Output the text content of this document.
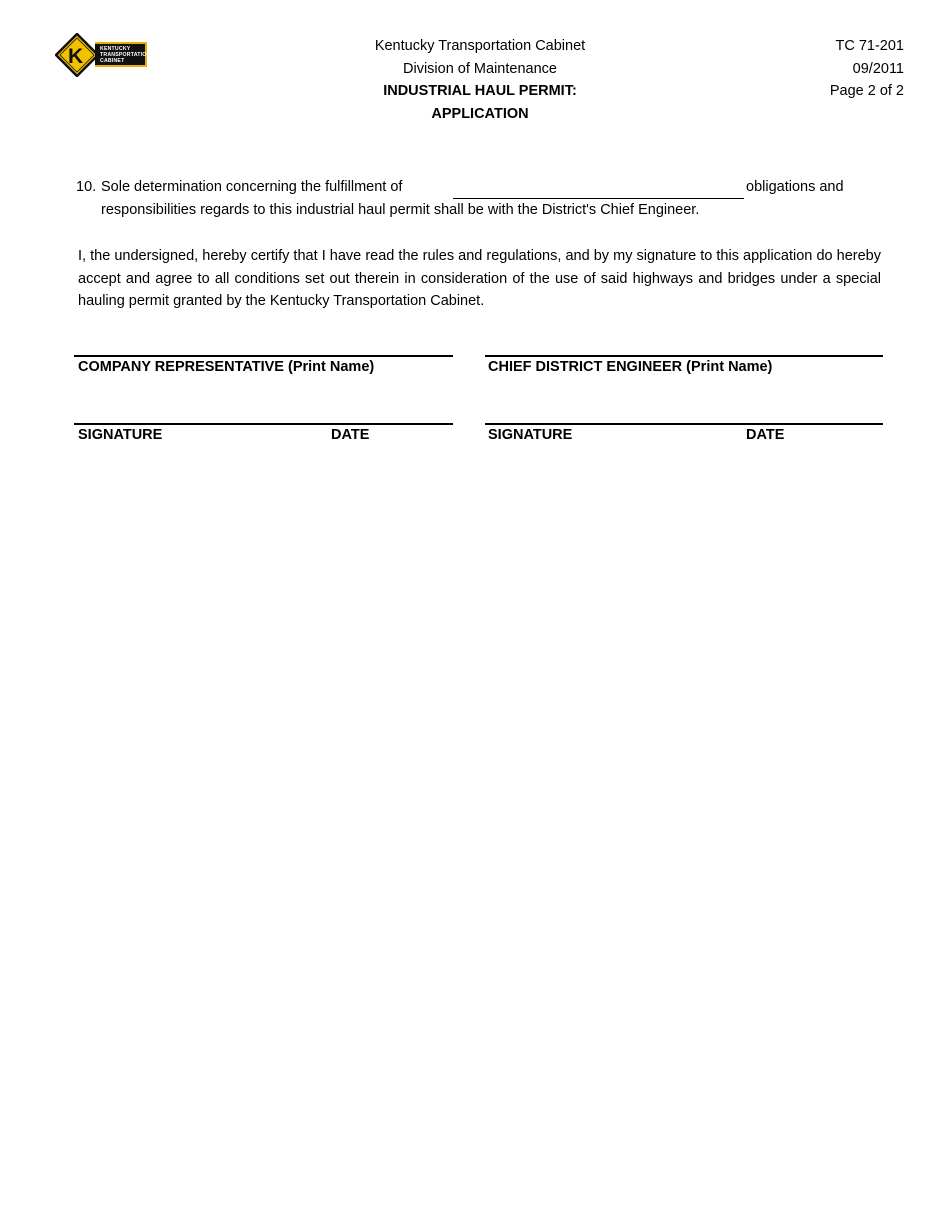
K	KENTUCKY
TRANSPORTATION
CABINET
Kentucky Transportation Cabinet
Division of Maintenance
INDUSTRIAL HAUL PERMIT:
APPLICATION
TC 71-201
09/2011
Page 2 of 2
10. Sole determination concerning the fulfillment of	obligations and
responsibilities regards to this industrial haul permit shall be with the District's Chief Engineer.
I, the undersigned, hereby certify that I have read the rules and regulations, and by my signature to this application do hereby accept and agree to all conditions set out therein in consideration of the use of said highways and bridges under a special hauling permit granted by the Kentucky Transportation Cabinet.
COMPANY REPRESENTATIVE (Print Name)	CHIEF DISTRICT ENGINEER (Print Name)
SIGNATURE	DATE	SIGNATURE	DATE
